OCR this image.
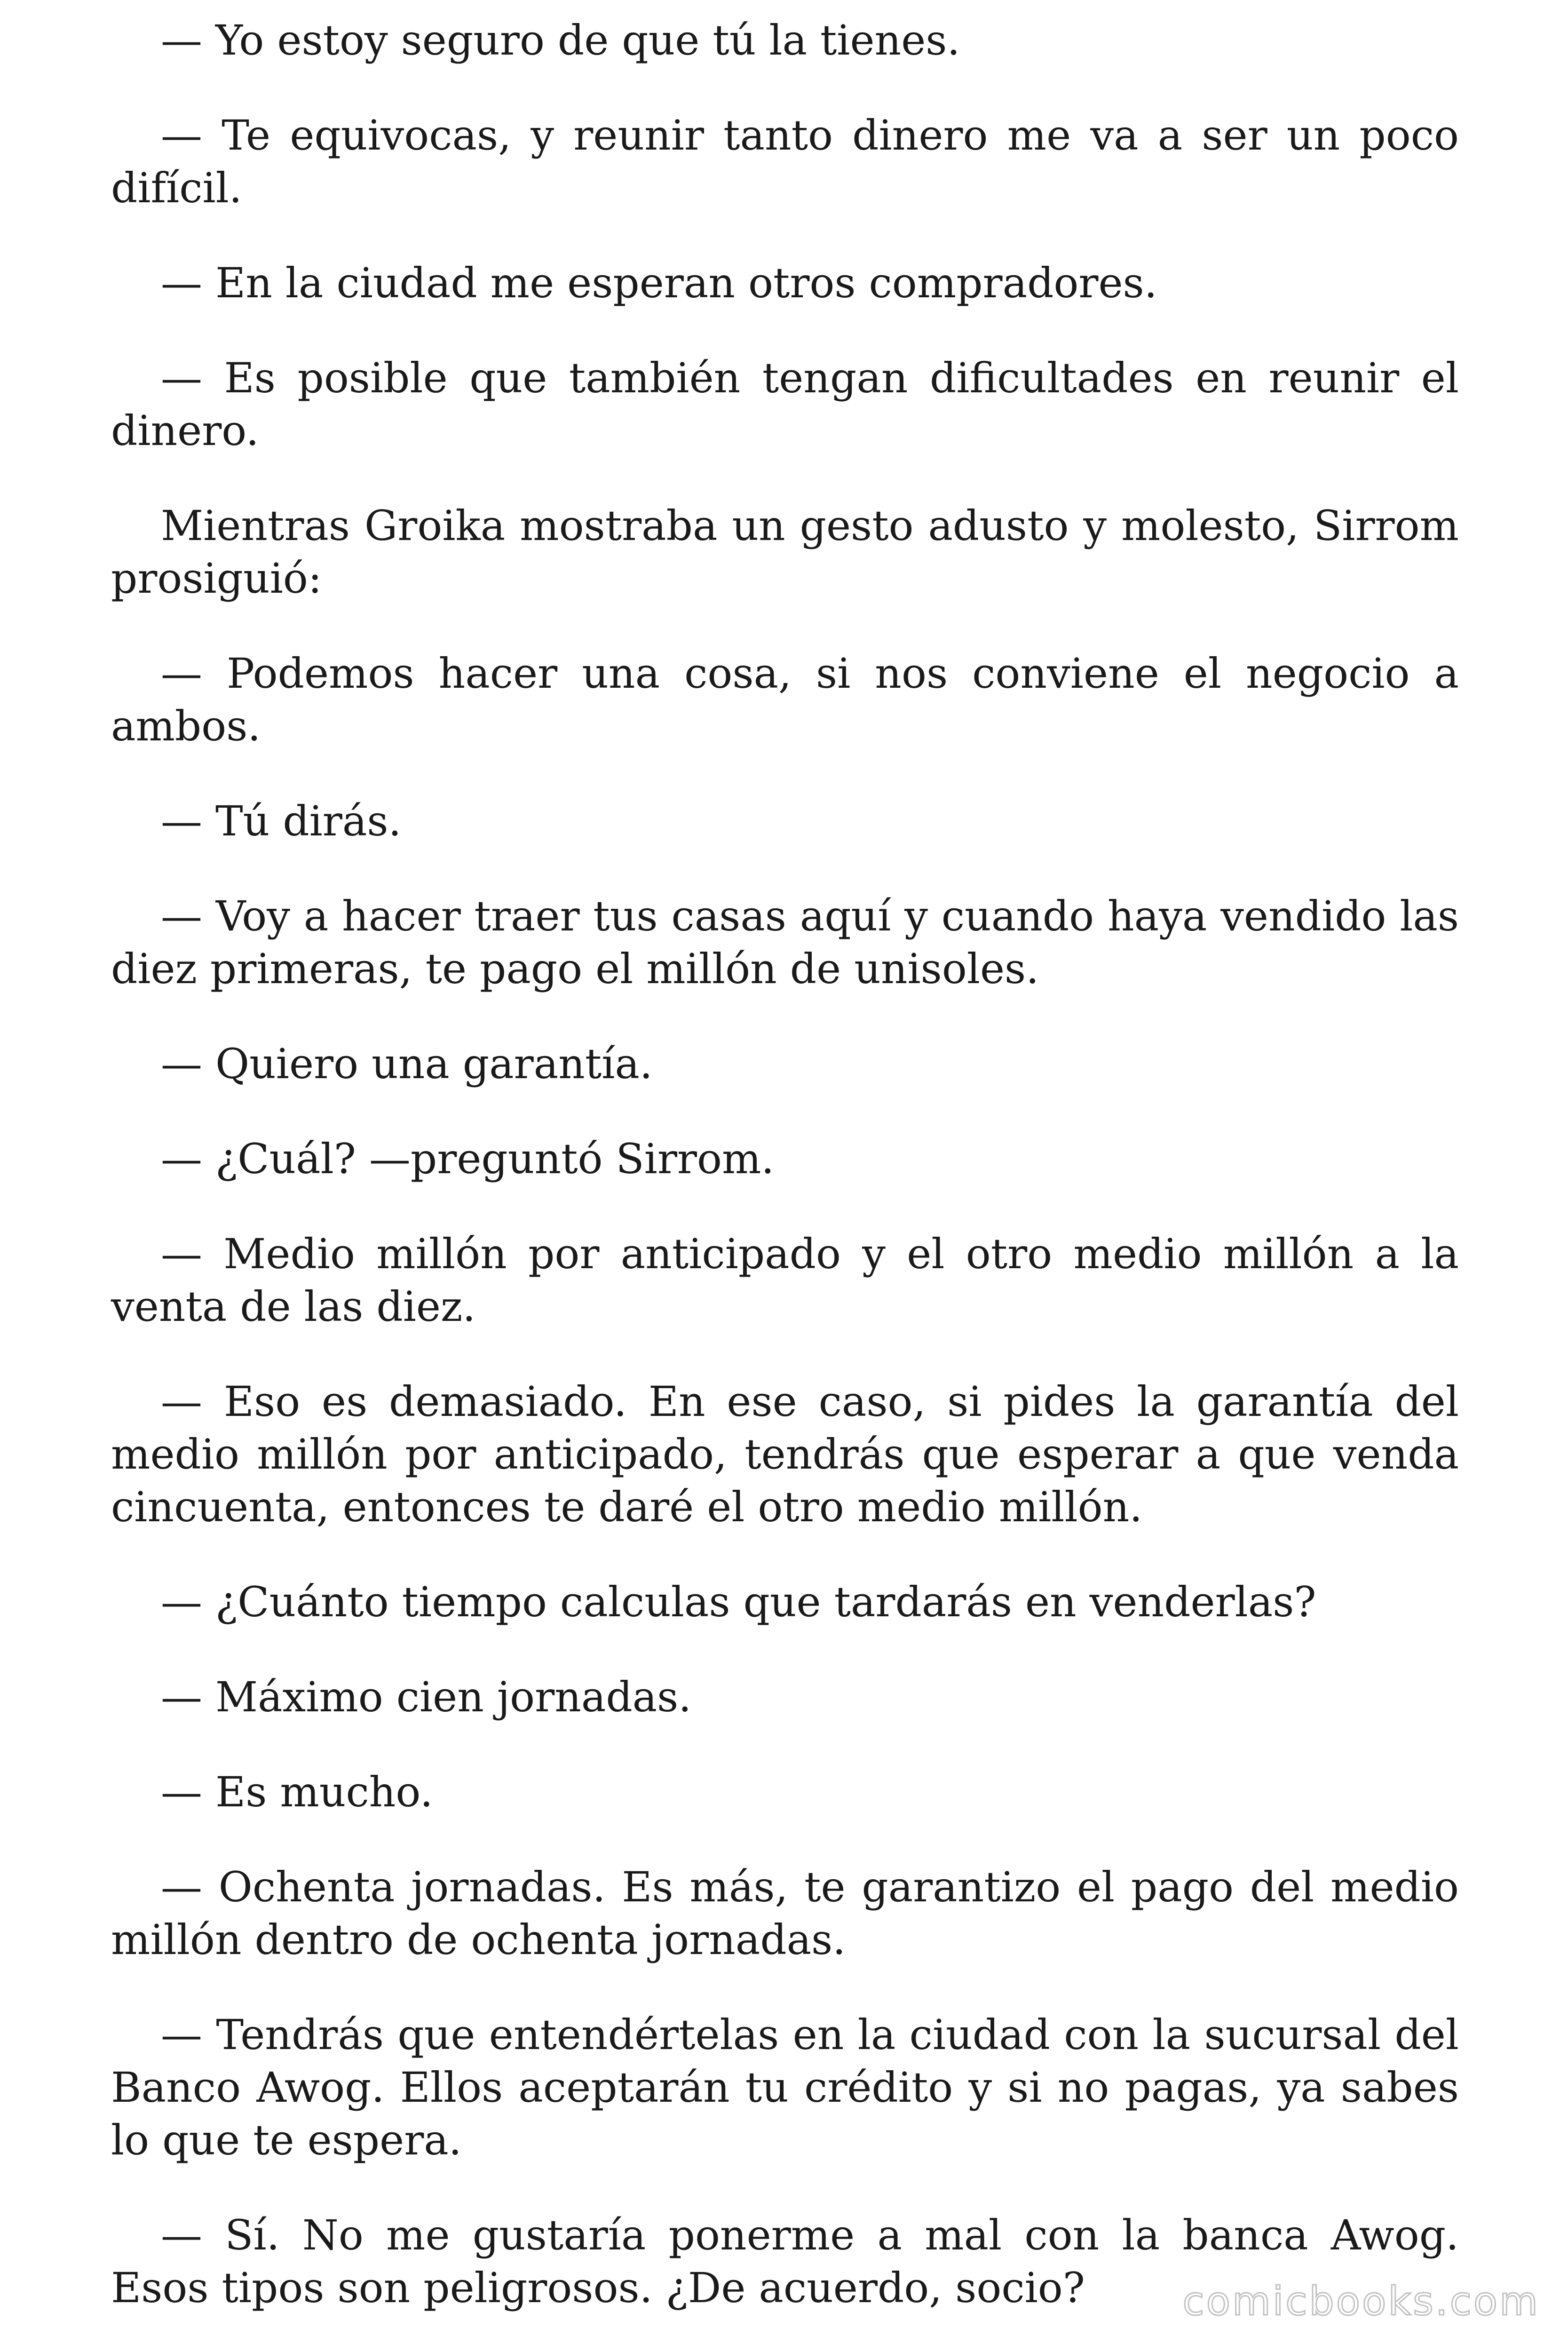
— Yo estoy seguro de que tú la tienes.

— Te equivocas, y reunir tanto dinero me va a ser un poco difícil.

— En la ciudad me esperan otros compradores.

— Es posible que también tengan dificultades en reunir el dinero.

Mientras Groika mostraba un gesto adusto y molesto, Sirrom prosiguió:

— Podemos hacer una cosa, si nos conviene el negocio a ambos.

— Tú dirás.

— Voy a hacer traer tus casas aquí y cuando haya vendido las diez primeras, te pago el millón de unisoles.

— Quiero una garantía.

— ¿Cuál? —preguntó Sirrom.

— Medio millón por anticipado y el otro medio millón a la venta de las diez.

— Eso es demasiado. En ese caso, si pides la garantía del medio millón por anticipado, tendrás que esperar a que venda cincuenta, entonces te daré el otro medio millón.

— ¿Cuánto tiempo calculas que tardarás en venderlas?

— Máximo cien jornadas.

— Es mucho.

— Ochenta jornadas. Es más, te garantizo el pago del medio millón dentro de ochenta jornadas.

— Tendrás que entendértelas en la ciudad con la sucursal del Banco Awog. Ellos aceptarán tu crédito y si no pagas, ya sabes lo que te espera.

— Sí. No me gustaría ponerme a mal con la banca Awog. Esos tipos son peligrosos. ¿De acuerdo, socio?	comicbooks.com
